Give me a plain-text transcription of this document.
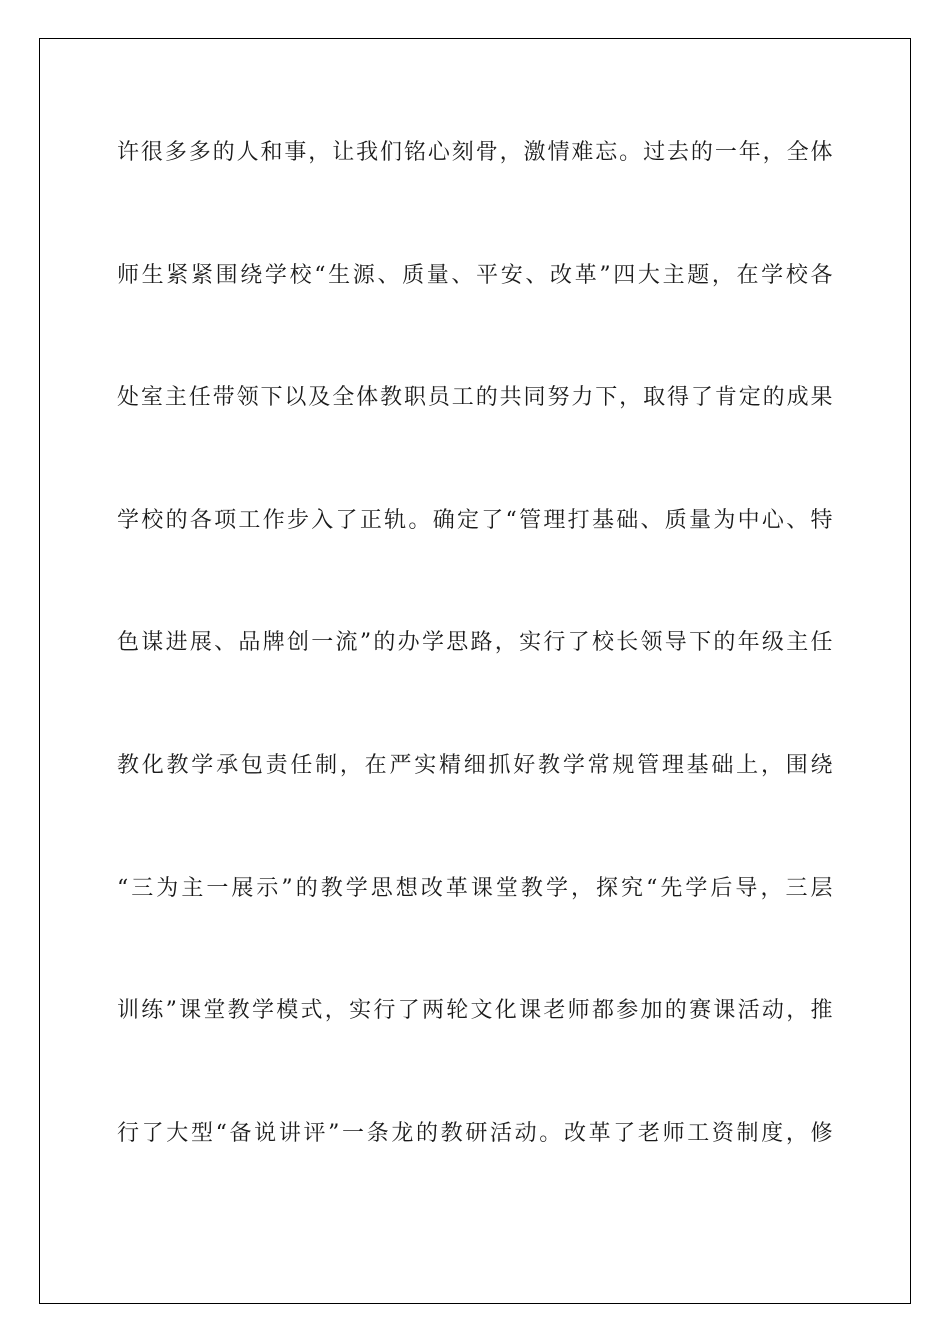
许很多多的人和事，让我们铭心刻骨，激情难忘。过去的一年，全体
师生紧紧围绕学校“生源、质量、平安、改革”四大主题，在学校各
处室主任带领下以及全体教职员工的共同努力下，取得了肯定的成果
学校的各项工作步入了正轨。确定了“管理打基础、质量为中心、特
色谋进展、品牌创一流”的办学思路，实行了校长领导下的年级主任
教化教学承包责任制，在严实精细抓好教学常规管理基础上，围绕
“三为主一展示”的教学思想改革课堂教学，探究“先学后导，三层
训练”课堂教学模式，实行了两轮文化课老师都参加的赛课活动，推
行了大型“备说讲评”一条龙的教研活动。改革了老师工资制度，修
